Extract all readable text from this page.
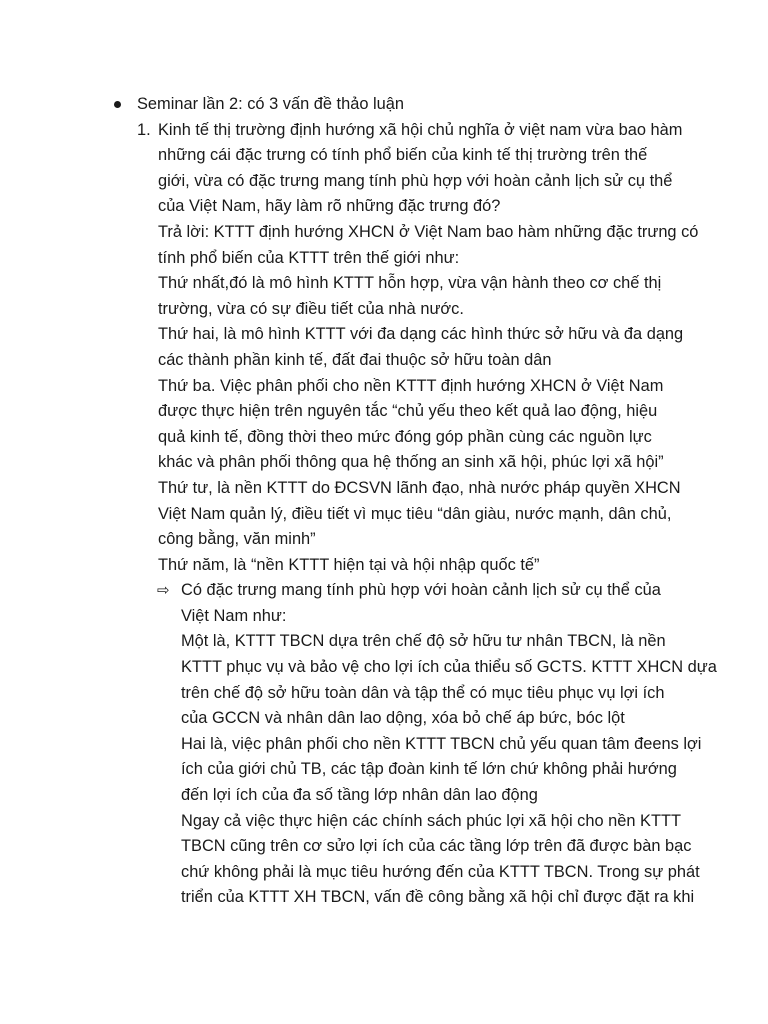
Seminar lần 2: có 3 vấn đề thảo luận
1. Kinh tế thị trường định hướng xã hội chủ nghĩa ở việt nam vừa bao hàm
những cái đặc trưng có tính phổ biến của kinh tế thị trường trên thế
giới, vừa có đặc trưng mang tính phù hợp với hoàn cảnh lịch sử cụ thể
của Việt Nam, hãy làm rõ những đặc trưng đó?
Trả lời: KTTT định hướng XHCN ở Việt Nam bao hàm những đặc trưng có
tính phổ biến của KTTT trên thế giới như:
Thứ nhất,đó là mô hình KTTT hỗn hợp, vừa vận hành theo cơ chế thị
trường, vừa có sự điều tiết của nhà nước.
Thứ hai, là mô hình KTTT với đa dạng các hình thức sở hữu và đa dạng
các thành phần kinh tế, đất đai thuộc sở hữu toàn dân
Thứ ba. Việc phân phối cho nền KTTT định hướng XHCN ở Việt Nam
được thực hiện trên nguyên tắc “chủ yếu theo kết quả lao động, hiệu
quả kinh tế, đồng thời theo mức đóng góp phần cùng các nguồn lực
khác và phân phối thông qua hệ thống an sinh xã hội, phúc lợi xã hội”
Thứ tư, là nền KTTT do ĐCSVN lãnh đạo, nhà nước pháp quyền XHCN
Việt Nam quản lý, điều tiết vì mục tiêu “dân giàu, nước mạnh, dân chủ,
công bằng, văn minh”
Thứ năm, là “nền KTTT hiện tại và hội nhập quốc tế”
⇨ Có đặc trưng mang tính phù hợp với hoàn cảnh lịch sử cụ thể của
Việt Nam như:
Một là, KTTT TBCN dựa trên chế độ sở hữu tư nhân TBCN, là nền
KTTT phục vụ và bảo vệ cho lợi ích của thiểu số GCTS. KTTT XHCN dựa
trên chế độ sở hữu toàn dân và tập thể có mục tiêu phục vụ lợi ích
của GCCN và nhân dân lao dộng, xóa bỏ chế áp bức, bóc lột
Hai là, việc phân phối cho nền KTTT TBCN chủ yếu quan tâm đeens lợi
ích của giới chủ TB, các tập đoàn kinh tế lớn chứ không phải hướng
đến lợi ích của đa số tầng lớp nhân dân lao động
Ngay cả việc thực hiện các chính sách phúc lợi xã hội cho nền KTTT
TBCN cũng trên cơ sửo lợi ích của các tầng lớp trên đã được bàn bạc
chứ không phải là mục tiêu hướng đến của KTTT TBCN. Trong sự phát
triển của KTTT XH TBCN, vấn đề công bằng xã hội chỉ được đặt ra khi
